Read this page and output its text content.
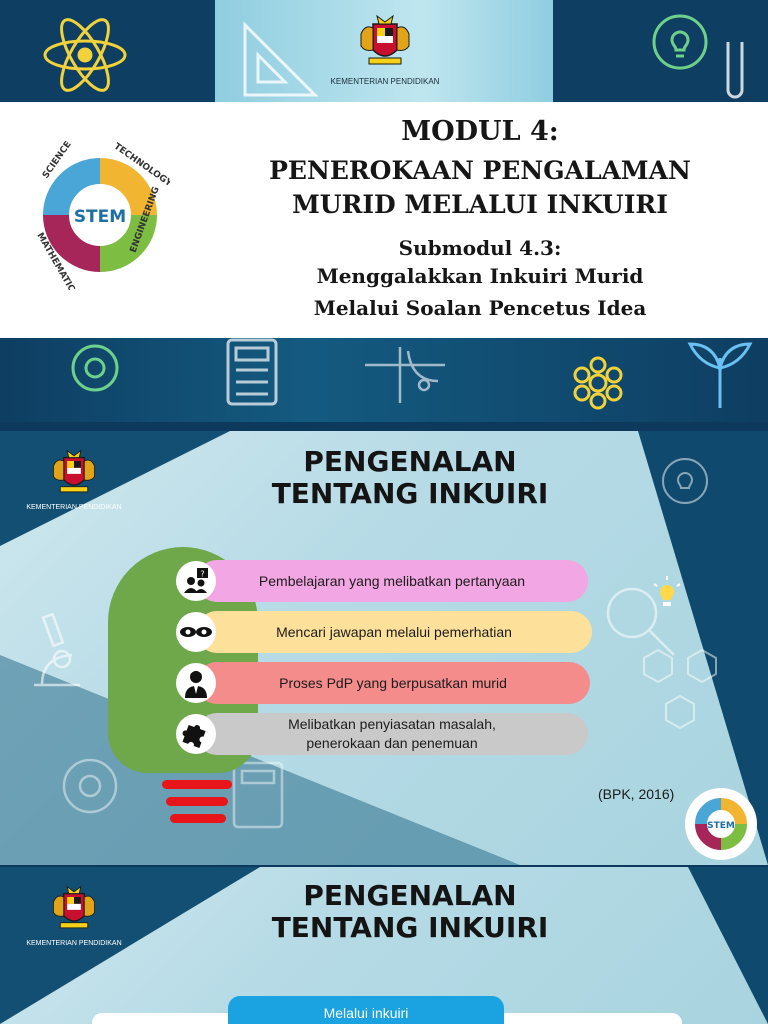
KEMENTERIAN PENDIDIKAN
STEM
SCIENCE	TECHNOLOGY
ENGINEERING
MATHEMATICS
MODUL 4:
PENEROKAAN PENGALAMAN
MURID MELALUI INKUIRI
Submodul 4.3:
Menggalakkan Inkuiri Murid
Melalui Soalan Pencetus Idea
KEMENTERIAN PENDIDIKAN
PENGENALAN
TENTANG INKUIRI
Pembelajaran yang melibatkan pertanyaan
?
Mencari jawapan melalui pemerhatian
Proses PdP yang berpusatkan murid
Melibatkan penyiasatan masalah,
penerokaan dan penemuan
(BPK, 2016)
STEM
KEMENTERIAN PENDIDIKAN
PENGENALAN
TENTANG INKUIRI
Melalui inkuiri
